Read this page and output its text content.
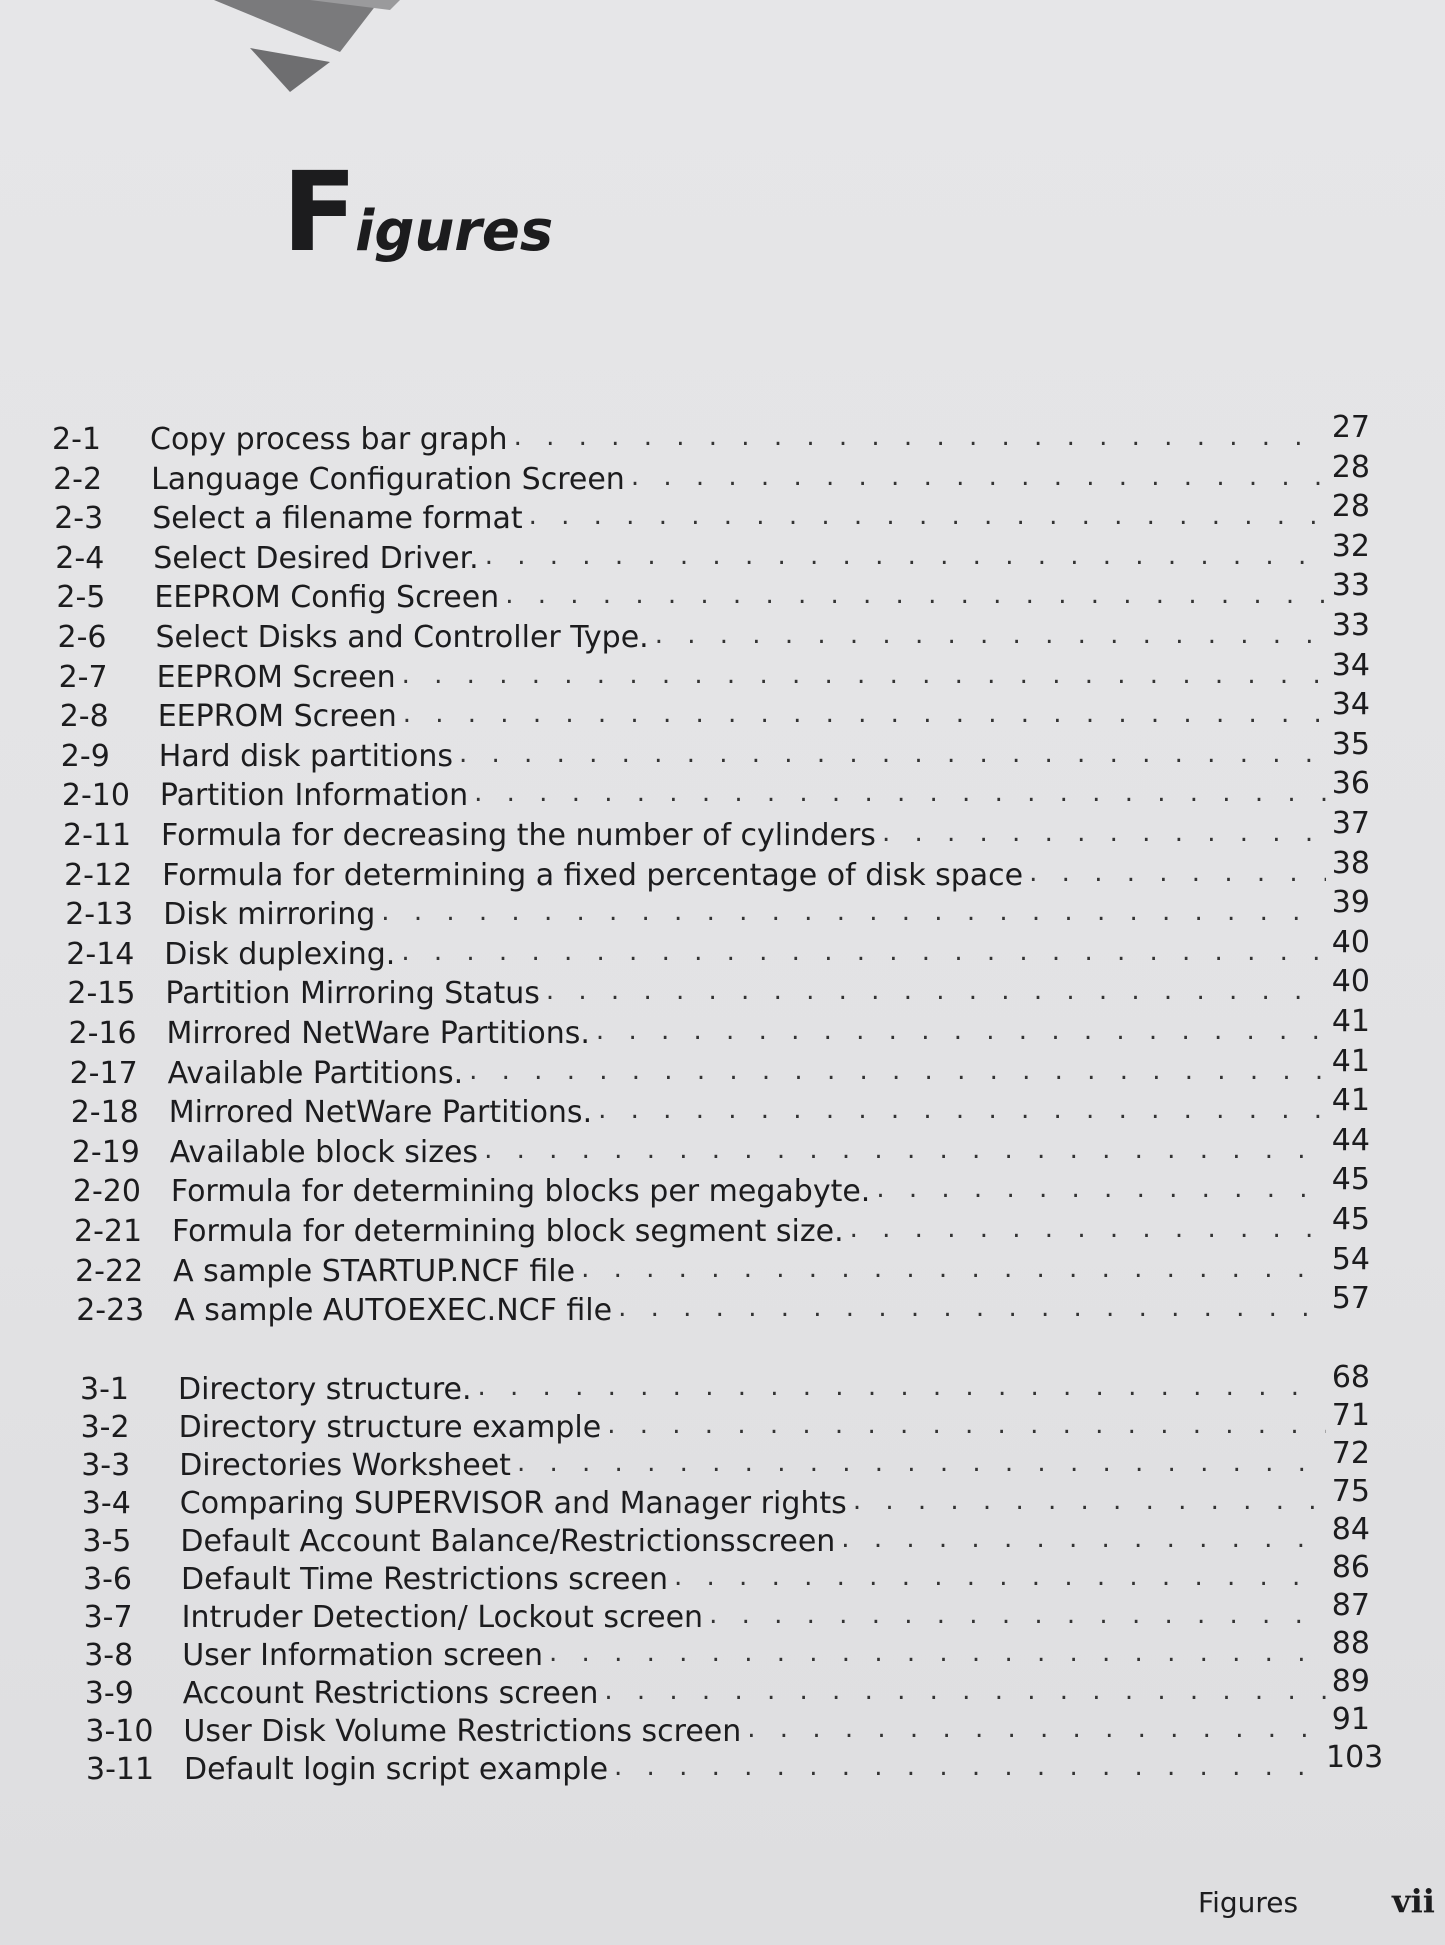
Figures
2-1 Copy process bar graph . . .	27
2-2 Language Configuration Screen . . .	28
2-3 Select a filename format . . .	28
2-4 Select Desired Driver. . . .	32
2-5 EEPROM Config Screen . . .	33
2-6 Select Disks and Controller Type. . . .	33
2-7 EEPROM Screen . . .	34
2-8 EEPROM Screen . . .	34
2-9 Hard disk partitions . . .	35
2-10 Partition Information . . .	36
2-11 Formula for decreasing the number of cylinders . . .	37
2-12 Formula for determining a fixed percentage of disk space . . .	38
2-13 Disk mirroring . . .	39
2-14 Disk duplexing. . . .	40
2-15 Partition Mirroring Status . . .	40
2-16 Mirrored NetWare Partitions. . . .	41
2-17 Available Partitions. . . .	41
2-18 Mirrored NetWare Partitions. . . .	41
2-19 Available block sizes . . .	44
2-20 Formula for determining blocks per megabyte. . . .	45
2-21 Formula for determining block segment size. . . .	45
2-22 A sample STARTUP.NCF file . . .	54
2-23 A sample AUTOEXEC.NCF file . . .	57
3-1 Directory structure. . . .	68
3-2 Directory structure example . . .	71
3-3 Directories Worksheet . . .	72
3-4 Comparing SUPERVISOR and Manager rights . . .	75
3-5 Default Account Balance/Restrictionsscreen . . .	84
3-6 Default Time Restrictions screen . . .	86
3-7 Intruder Detection/ Lockout screen . . .	87
3-8 User Information screen . . .	88
3-9 Account Restrictions screen . . .	89
3-10 User Disk Volume Restrictions screen . . .	91
3-11 Default login script example . . .	103
Figures	vii
